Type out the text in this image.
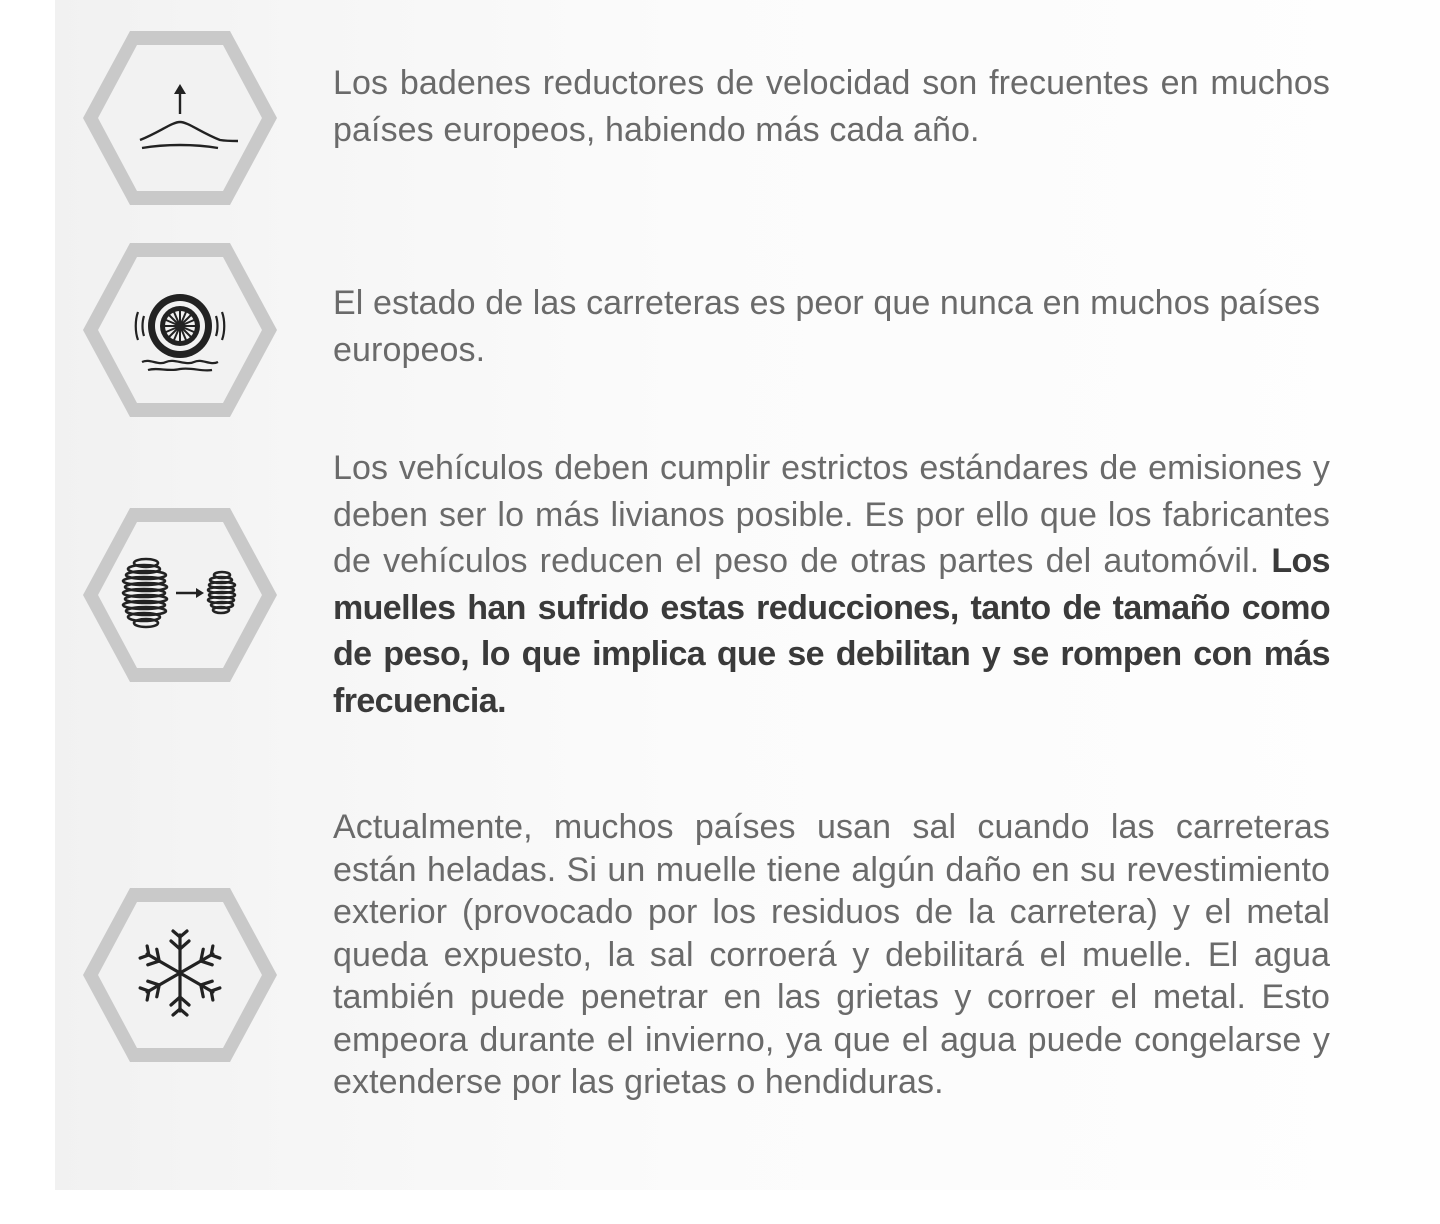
Los badenes reductores de velocidad son frecuentes en muchos países europeos, habiendo más cada año.
El estado de las carreteras es peor que nunca en muchos países europeos.
Los vehículos deben cumplir estrictos estándares de emisiones y deben ser lo más livianos posible. Es por ello que los fabricantes de vehículos reducen el peso de otras partes del automóvil. Los muelles han sufrido estas reducciones, tanto de tamaño como de peso, lo que implica que se debilitan y se rompen con más frecuencia.
Actualmente, muchos países usan sal cuando las carreteras están heladas. Si un muelle tiene algún daño en su revestimiento exterior (provocado por los residuos de la carretera) y el metal queda expuesto, la sal corroerá y debilitará el muelle. El agua también puede penetrar en las grietas y corroer el metal. Esto empeora durante el invierno, ya que el agua puede congelarse y extenderse por las grietas o hendiduras.
